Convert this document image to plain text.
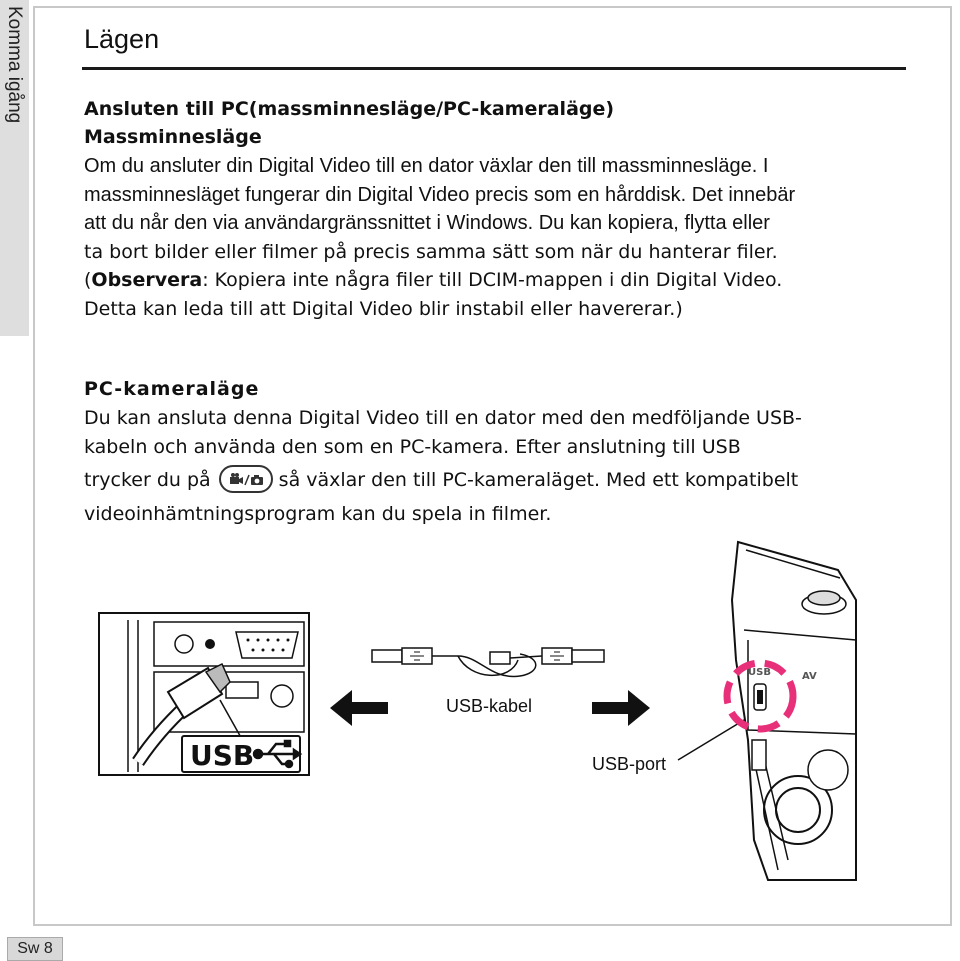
Komma igång Lägen
Ansluten till PC(massminnesläge/PC-kameraläge)
Massminnesläge
Om du ansluter din Digital Video till en dator växlar den till massminnesläge. I
massminnesläget fungerar din Digital Video precis som en hårddisk. Det innebär
att du når den via användargränssnittet i Windows. Du kan kopiera, flytta eller
ta bort bilder eller filmer på precis samma sätt som när du hanterar filer.
(Observera: Kopiera inte några filer till DCIM-mappen i din Digital Video.
Detta kan leda till att Digital Video blir instabil eller havererar.)
PC-kameraläge
Du kan ansluta denna Digital Video till en dator med den medföljande USB-
kabeln och använda den som en PC-kamera. Efter anslutning till USB
trycker du på	så växlar den till PC-kameraläget. Med ett kompatibelt
videoinhämtningsprogram kan du spela in filmer.
USB
USB-kabel
USB-port
USB	AV
Sw 8
